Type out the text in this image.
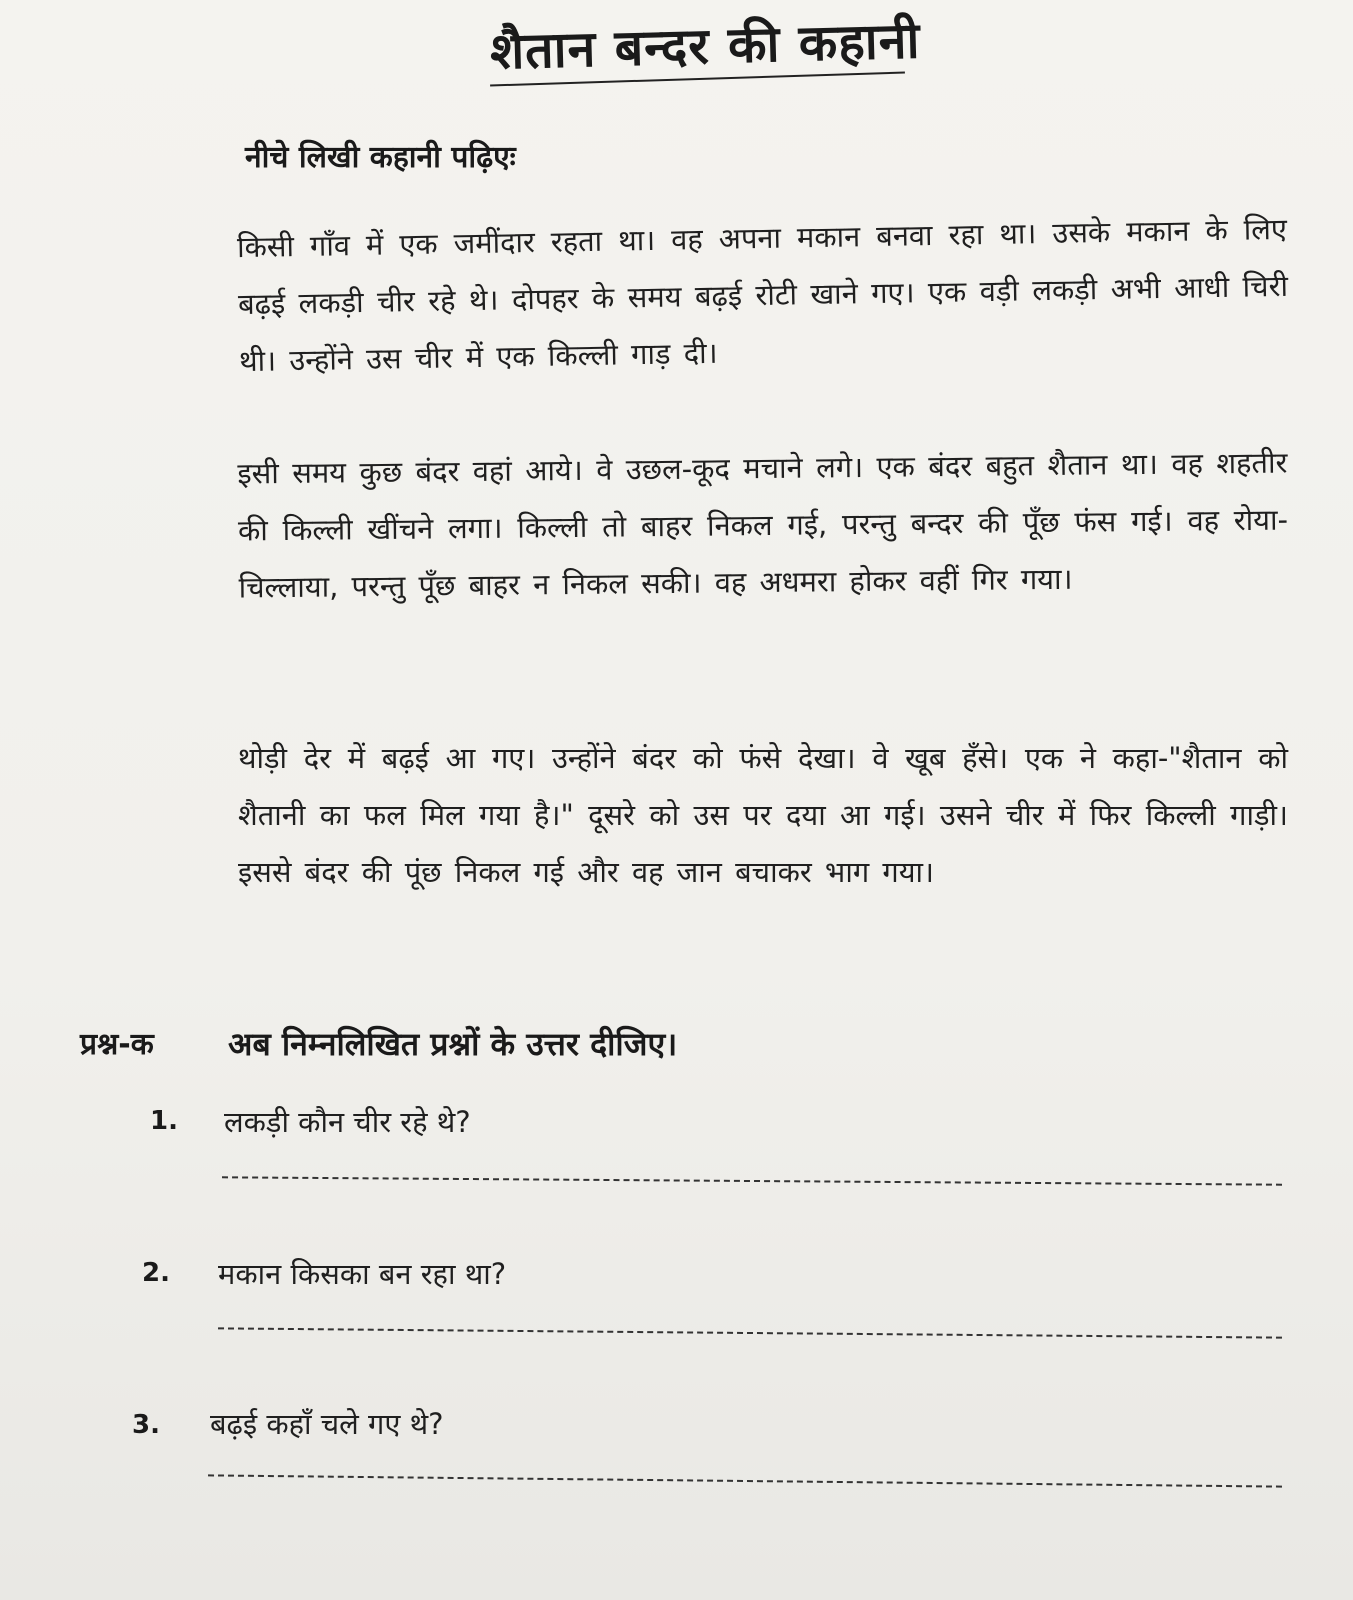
शैतान बन्दर की कहानी
नीचे लिखी कहानी पढ़िएः
किसी गाँव में एक जमींदार रहता था। वह अपना मकान बनवा रहा था। उसके मकान के लिए बढ़ई लकड़ी चीर रहे थे। दोपहर के समय बढ़ई रोटी खाने गए। एक वड़ी लकड़ी अभी आधी चिरी थी। उन्होंने उस चीर में एक किल्ली गाड़ दी।
इसी समय कुछ बंदर वहां आये। वे उछल-कूद मचाने लगे। एक बंदर बहुत शैतान था। वह शहतीर की किल्ली खींचने लगा। किल्ली तो बाहर निकल गई, परन्तु बन्दर की पूँछ फंस गई। वह रोया-चिल्लाया, परन्तु पूँछ बाहर न निकल सकी। वह अधमरा होकर वहीं गिर गया।
थोड़ी देर में बढ़ई आ गए। उन्होंने बंदर को फंसे देखा। वे खूब हँसे। एक ने कहा-"शैतान को शैतानी का फल मिल गया है।" दूसरे को उस पर दया आ गई। उसने चीर में फिर किल्ली गाड़ी। इससे बंदर की पूंछ निकल गई और वह जान बचाकर भाग गया।
प्रश्न-क अब निम्नलिखित प्रश्नों के उत्तर दीजिए।
1. लकड़ी कौन चीर रहे थे?
2. मकान किसका बन रहा था?
3. बढ़ई कहाँ चले गए थे?
